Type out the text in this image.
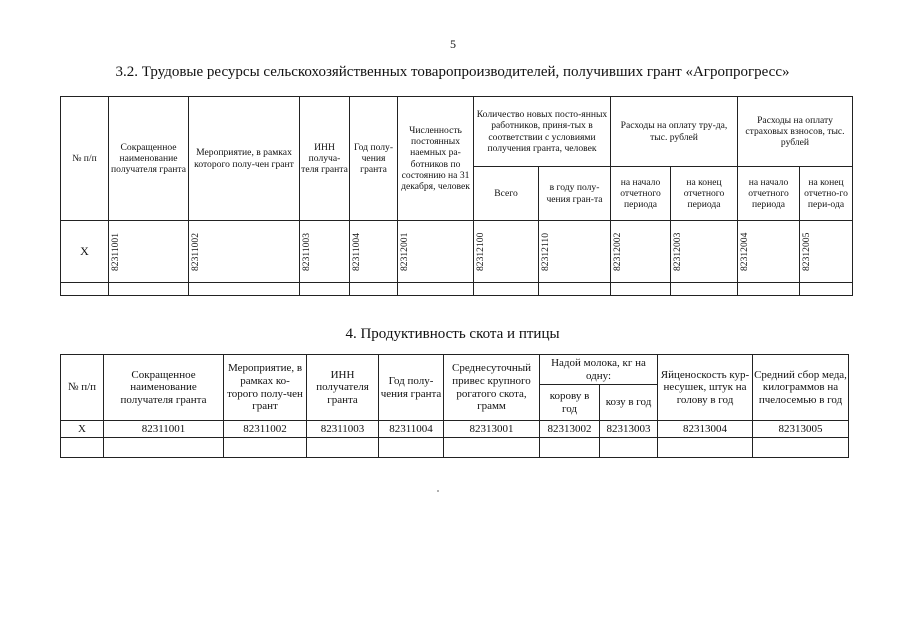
5
3.2. Трудовые ресурсы сельскохозяйственных товаропроизводителей, получивших грант «Агропрогресс»
№ п/п	Сокращенное наименование получателя гранта	Мероприятие, в рамках которого полу-чен грант	ИНН получа-теля гранта	Год полу-чения гранта	Численность постоянных наемных ра-ботников по состоянию на 31 декабря, человек	Количество новых посто-янных работников, приня-тых в соответствии с условиями получения гранта, человек		Расходы на оплату тру-да, тыс. рублей		Расходы на оплату страховых взносов, тыс. рублей	
						Всего	в году полу-чения гран-та	на начало отчетного периода	на конец отчетного периода	на начало отчетного периода	на конец отчетно-го пери-ода
Х	82311001	82311002	82311003	82311004	82312001	82312100	82312110	82312002	82312003	82312004	82312005

4. Продуктивность скота и птицы
№ п/п	Сокращенное наименование получателя гранта	Мероприятие, в рамках ко-торого полу-чен грант	ИНН получателя гранта	Год полу-чения гранта	Среднесуточный привес крупного рогатого скота, грамм	Надой молока, кг на одну:		Яйценоскость кур-несушек, штук на голову в год	Средний сбор меда, килограммов на пчелосемью в год
						корову в год	козу в год		
Х	82311001	82311002	82311003	82311004	82313001	82313002	82313003	82313004	82313005
